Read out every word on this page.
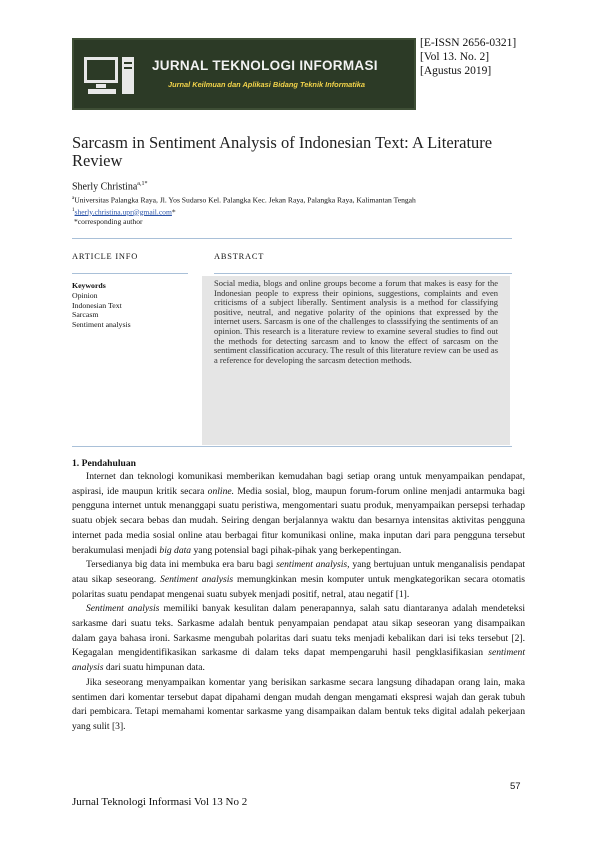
JURNAL TEKNOLOGI INFORMASI
Jurnal Keilmuan dan Aplikasi Bidang Teknik Informatika
[E-ISSN 2656-0321]
[Vol 13. No. 2]
[Agustus 2019]
Sarcasm in Sentiment Analysis of Indonesian Text: A Literature Review
Sherly Christina$^{a,1*}$
$^a$Universitas Palangka Raya, Jl. Yos Sudarso Kel. Palangka Kec. Jekan Raya, Palangka Raya, Kalimantan Tengah
$^1$sherly.christina.upr@gmail.com*
*corresponding author
ARTICLE INFO	ABSTRACT
Keywords
Opinion
Indonesian Text
Sarcasm
Sentiment analysis
Social media, blogs and online groups become a forum that makes is easy for the Indonesian people to express their opinions, suggestions, complaints and even criticisms of a subject liberally. Sentiment analysis is a method for classifying positive, neutral, and negative polarity of the opinions that expressed by the internet users. Sarcasm is one of the challenges to classsifying the sentiments of an opinion. This research is a literature review to examine several studies to find out the methods for detecting sarcasm and to know the effect of sarcasm on the sentiment classification accuracy. The result of this literature review can be used as a reference for developing the sarcasm detection methods.
1. Pendahuluan

Internet dan teknologi komunikasi memberikan kemudahan bagi setiap orang untuk menyampaikan pendapat, aspirasi, ide maupun kritik secara online. Media sosial, blog, maupun forum-forum online menjadi antarmuka bagi pengguna internet untuk menanggapi suatu peristiwa, mengomentari suatu produk, menyampaikan persepsi terhadap suatu objek secara bebas dan mudah. Seiring dengan berjalannya waktu dan besarnya intensitas aktivitas pengguna internet pada media sosial online atau berbagai fitur komunikasi online, maka inputan dari para pengguna tersebut berakumulasi menjadi big data yang potensial bagi pihak-pihak yang berkepentingan.

Tersedianya big data ini membuka era baru bagi sentiment analysis, yang bertujuan untuk menganalisis pendapat atau sikap seseorang. Sentiment analysis memungkinkan mesin komputer untuk mengkategorikan secara otomatis polaritas suatu pendapat mengenai suatu subyek menjadi positif, netral, atau negatif [1].

Sentiment analysis memiliki banyak kesulitan dalam penerapannya, salah satu diantaranya adalah mendeteksi sarkasme dari suatu teks. Sarkasme adalah bentuk penyampaian pendapat atau sikap seseoran yang disampaikan dalam gaya bahasa ironi. Sarkasme mengubah polaritas dari suatu teks menjadi kebalikan dari isi teks tersebut [2]. Kegagalan mengidentifikasikan sarkasme di dalam teks dapat mempengaruhi hasil pengklasifikasian sentiment analysis dari suatu himpunan data.

Jika seseorang menyampaikan komentar yang berisikan sarkasme secara langsung dihadapan orang lain, maka sentimen dari komentar tersebut dapat dipahami dengan mudah dengan mengamati ekspresi wajah dan gerak tubuh dari pembicara. Tetapi memahami komentar sarkasme yang disampaikan dalam bentuk teks digital adalah pekerjaan yang sulit [3].

57
Jurnal Teknologi Informasi Vol 13 No 2
